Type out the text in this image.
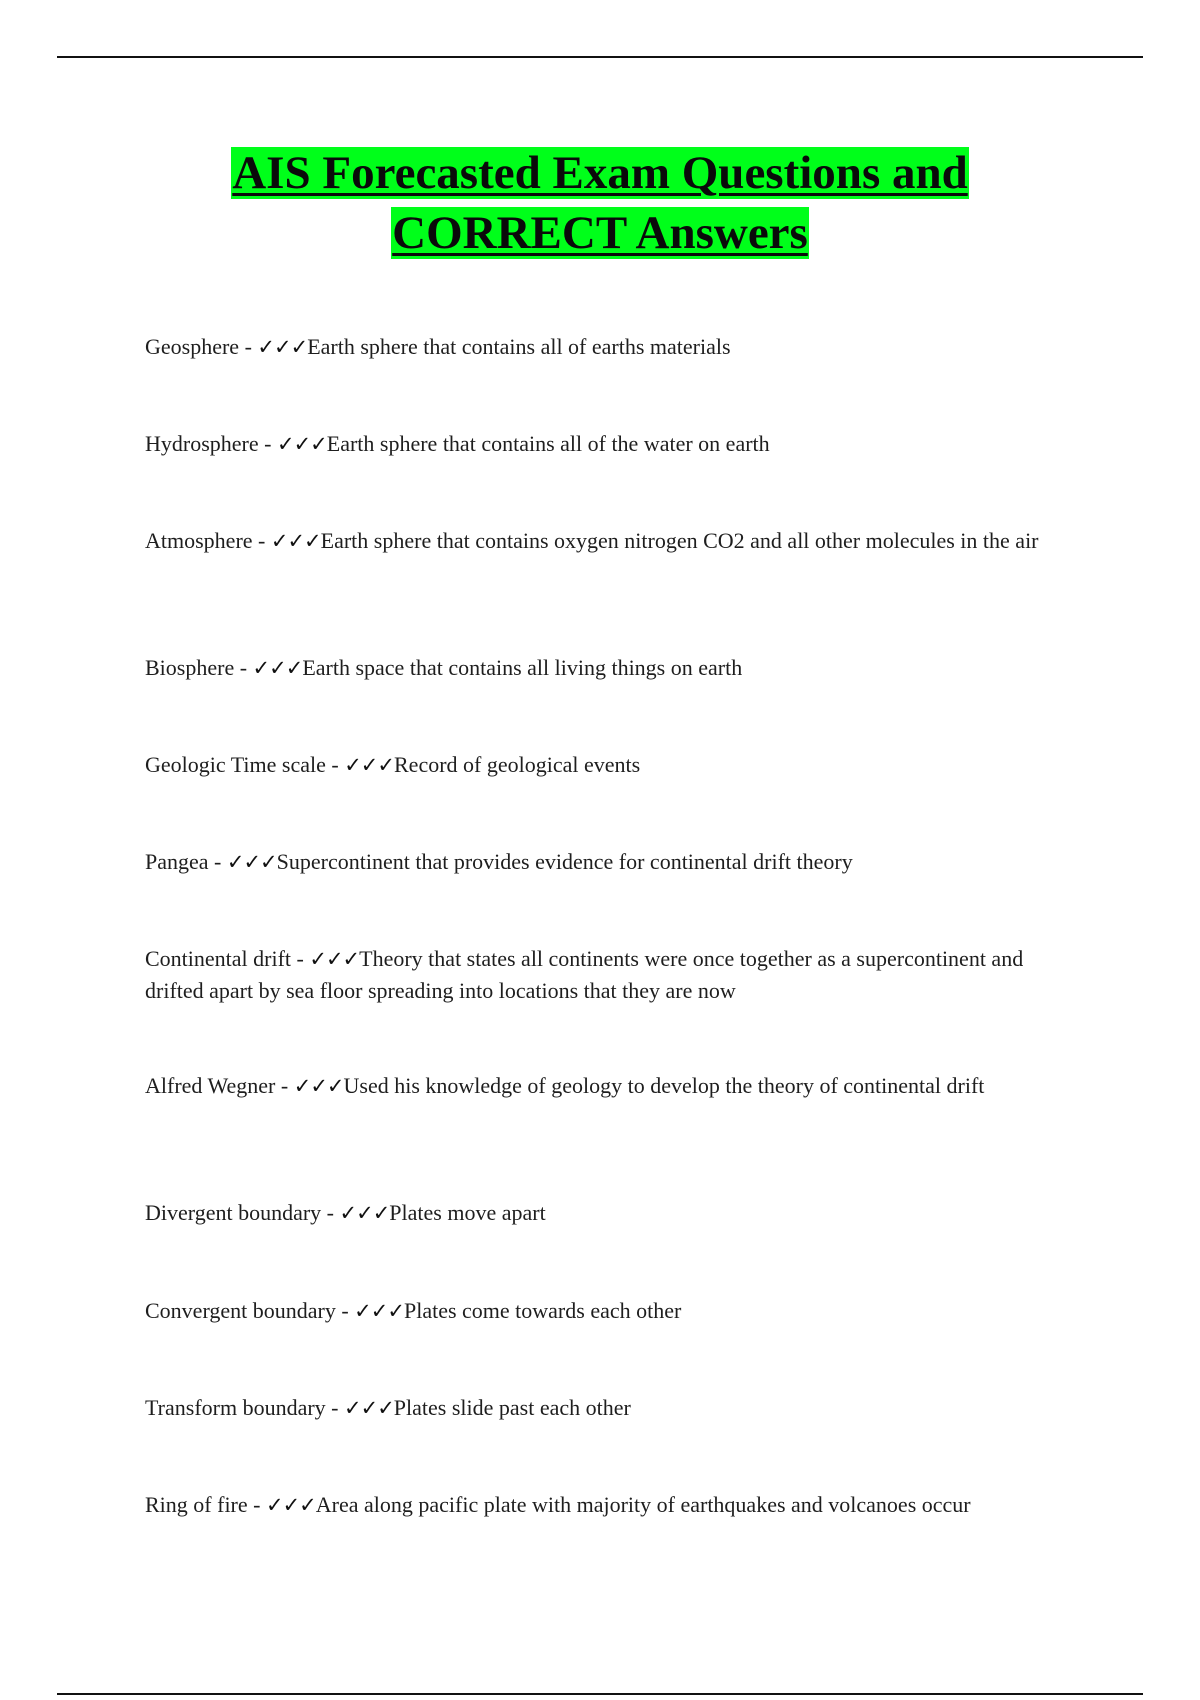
AIS Forecasted Exam Questions and
CORRECT Answers
Geosphere - ✓✓✓Earth sphere that contains all of earths materials
Hydrosphere - ✓✓✓Earth sphere that contains all of the water on earth
Atmosphere - ✓✓✓Earth sphere that contains oxygen nitrogen CO2 and all other molecules in the air
Biosphere - ✓✓✓Earth space that contains all living things on earth
Geologic Time scale - ✓✓✓Record of geological events
Pangea - ✓✓✓Supercontinent that provides evidence for continental drift theory
Continental drift - ✓✓✓Theory that states all continents were once together as a supercontinent and drifted apart by sea floor spreading into locations that they are now
Alfred Wegner - ✓✓✓Used his knowledge of geology to develop the theory of continental drift
Divergent boundary - ✓✓✓Plates move apart
Convergent boundary - ✓✓✓Plates come towards each other
Transform boundary - ✓✓✓Plates slide past each other
Ring of fire - ✓✓✓Area along pacific plate with majority of earthquakes and volcanoes occur
